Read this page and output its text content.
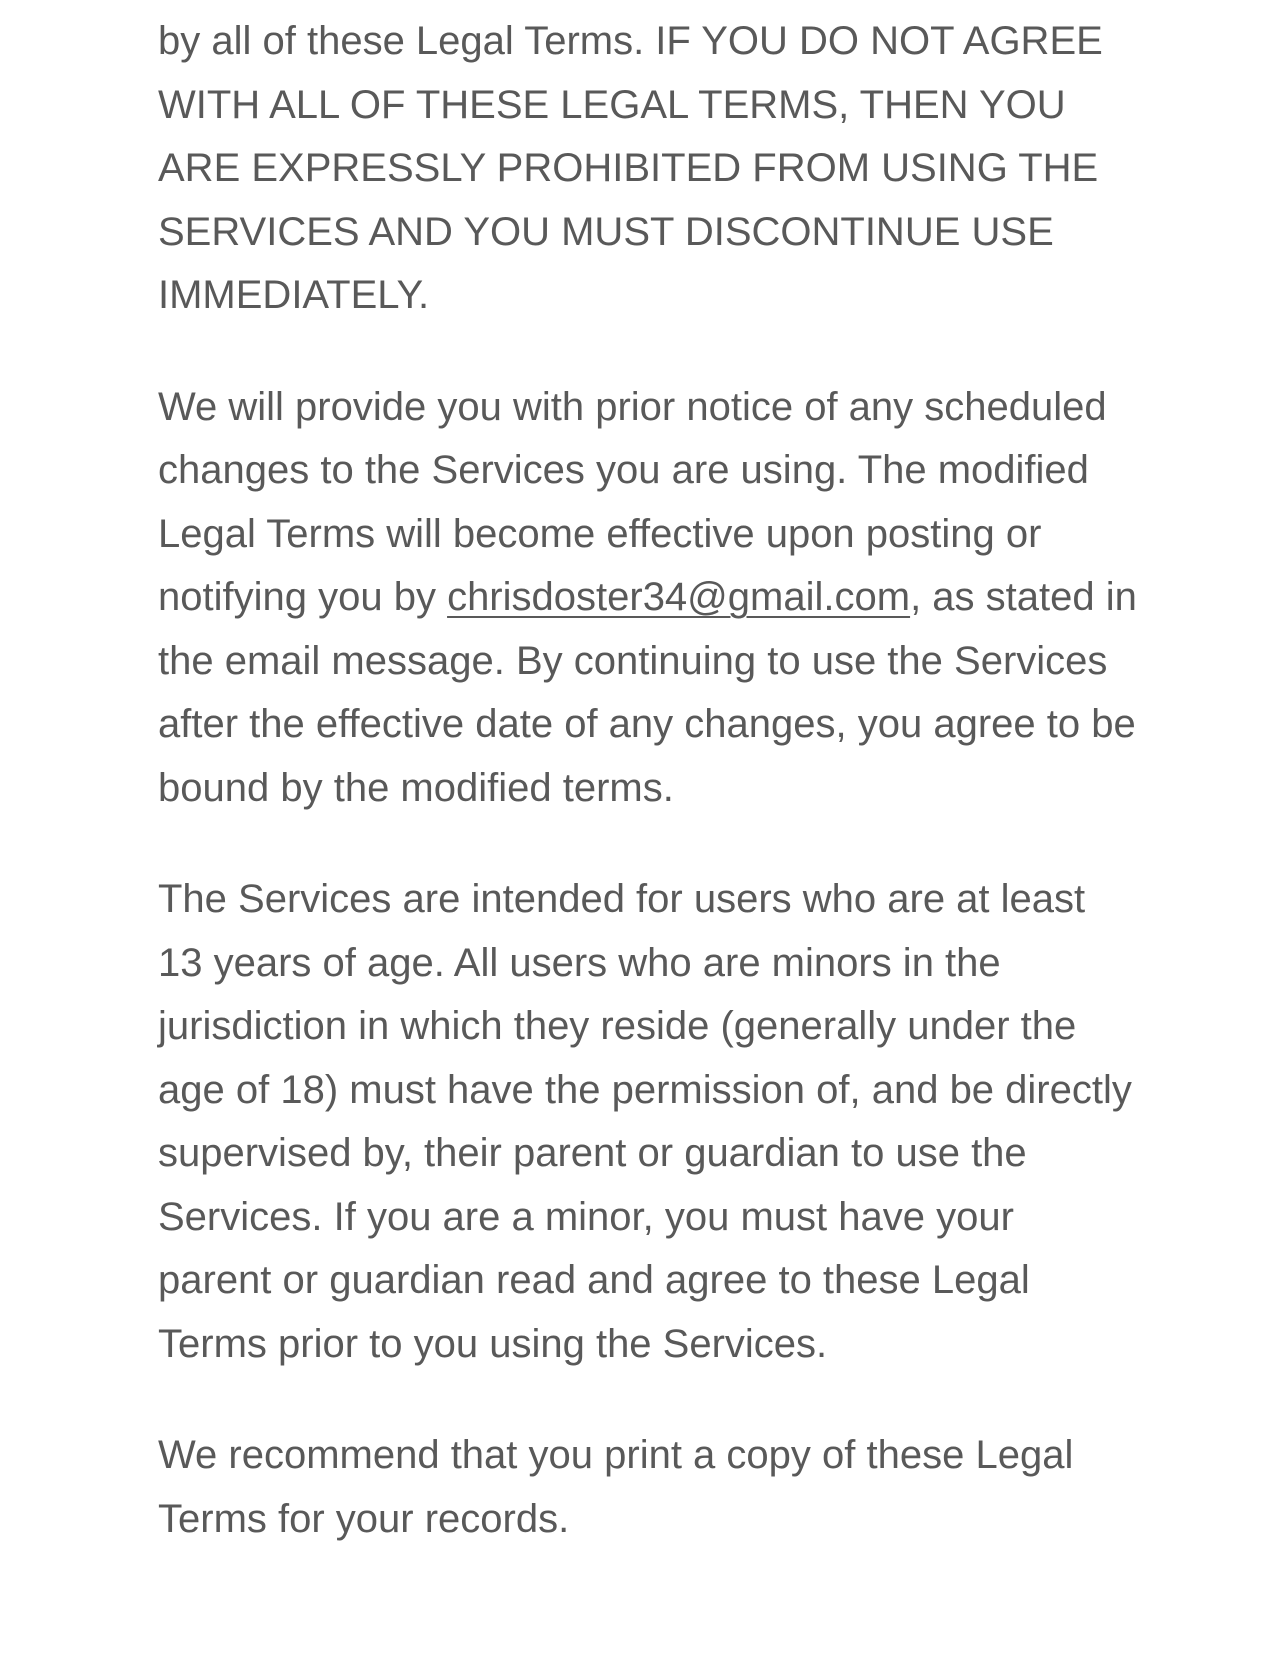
by all of these Legal Terms. IF YOU DO NOT AGREE WITH ALL OF THESE LEGAL TERMS, THEN YOU ARE EXPRESSLY PROHIBITED FROM USING THE SERVICES AND YOU MUST DISCONTINUE USE IMMEDIATELY.

We will provide you with prior notice of any scheduled changes to the Services you are using. The modified Legal Terms will become effective upon posting or notifying you by chrisdoster34@gmail.com, as stated in the email message. By continuing to use the Services after the effective date of any changes, you agree to be bound by the modified terms.

The Services are intended for users who are at least 13 years of age. All users who are minors in the jurisdiction in which they reside (generally under the age of 18) must have the permission of, and be directly supervised by, their parent or guardian to use the Services. If you are a minor, you must have your parent or guardian read and agree to these Legal Terms prior to you using the Services.

We recommend that you print a copy of these Legal Terms for your records.
